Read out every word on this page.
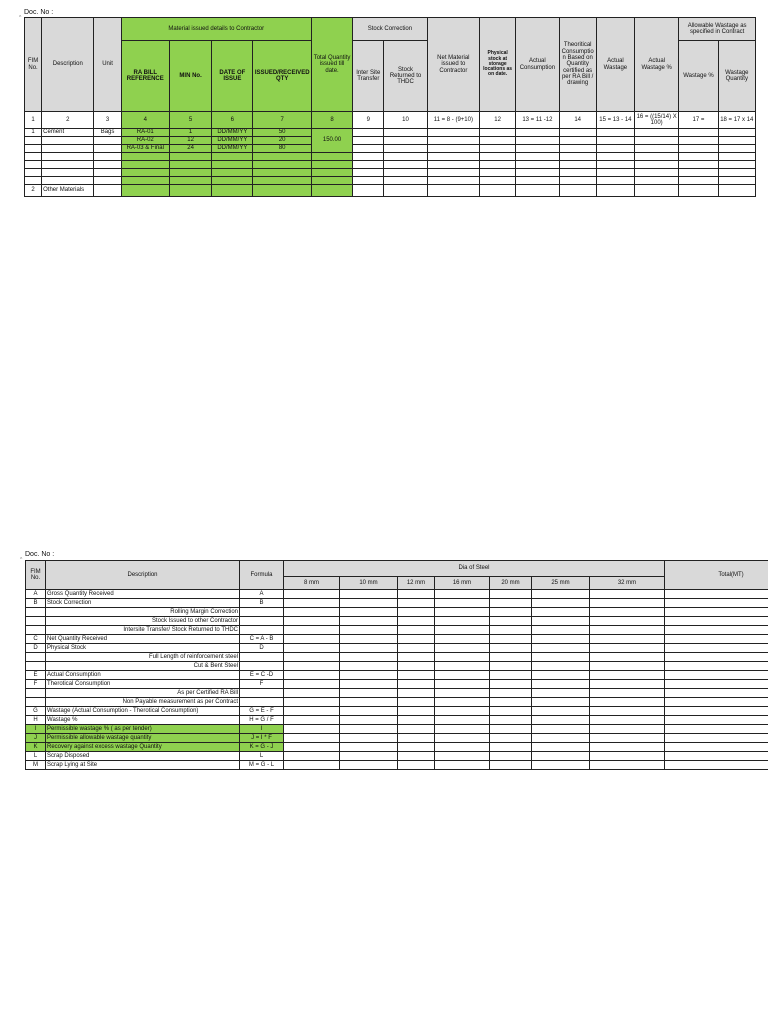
Doc. No :
ˆ
FIM No.	Description	Unit	Material issued details to Contractor				Total Quantity issued till date.	Stock Correction		Net Material issued to Contractor	Physical stock at storage locations as on date.	Actual Consumption	Theoritical Consumption Based on Quantity certified as per RA Bill / drawing	Actual Wastage	Actual Wastage %	Allowable Wastage as specified in Contract	
			RA BILL REFERENCE	MIN No.	DATE OF ISSUE	ISSUED/RECEIVED QTY		Inter Site Transfer	Stock Returned to THDC							Wastage %	Wastage Quantity
1	2	3	4	5	6	7	8	9	10	11 = 8 - (9+10)	12	13 = 11 -12	14	15 = 13 - 14	16 = ((15/14) X 100)	17 =	18 = 17 x 14
1	Cement	Bags	RA-01	1	DD/MM/YY	50	150.00										
			RA-02	12	DD/MM/YY	20											
			RA-03 & Final	24	DD/MM/YY	80											

2	Other Materials																
Doc. No :
ˆ
FIM No.	Description	Formula	Dia of Steel							Total(MT)
			8 mm	10 mm	12 mm	16 mm	20 mm	25 mm	32 mm	
A	Gross Quantity Received	A								
B	Stock Correction	B								
	Rolling Margin Correction									
	Stock Issued to other Contractor									
	Intersite Transfer/ Stock Returned to THDC									
C	Net Quantity Received	C = A - B								
D	Physical Stock	D								
	Full Length of reinforcement steel									
	Cut & Bent Steel									
E	Actual Consumption	E = C -D								
F	Therotical Consumption	F								
	As per Certified RA Bill									
	Non Payable measurement as per Contract									
G	Wastage (Actual Consumption - Therotical Consumption)	G = E - F								
H	Wastage %	H = G / F								
I	Permissible wastage % ( as per tender)	I								
J	Permissible allowable wastage quantity	J = I * F								
K	Recovery against excess wastage Quantity	K = G - J								
L	Scrap Disposed	L								
M	Scrap Lying at Site	M = G - L								
